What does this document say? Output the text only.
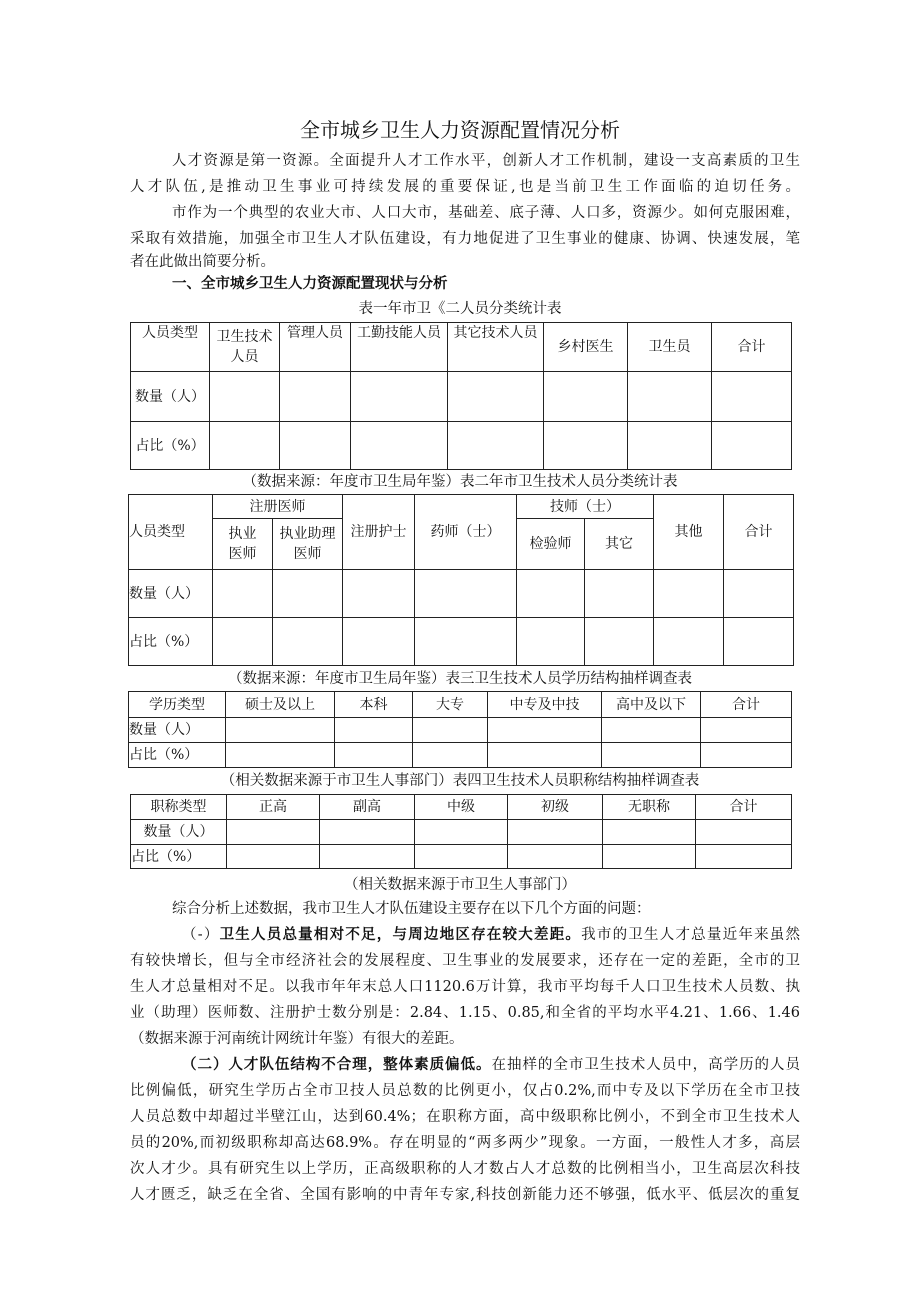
全市城乡卫生人力资源配置情况分析
人才资源是第一资源。全面提升人才工作水平，创新人才工作机制，建设一支高素质的卫生
人才队伍,是推动卫生事业可持续发展的重要保证,也是当前卫生工作面临的迫切任务。
市作为一个典型的农业大市、人口大市，基础差、底子薄、人口多，资源少。如何克服困难，
采取有效措施，加强全市卫生人才队伍建设，有力地促进了卫生事业的健康、协调、快速发展，笔
者在此做出简要分析。
一、全市城乡卫生人力资源配置现状与分析
表一年市卫《二人员分类统计表
人员类型	卫生技术人员	管理人员	工勤技能人员	其它技术人员	乡村医生	卫生员	合计
数量（人）							
占比（%）							
（数据来源：年度市卫生局年鉴）表二年市卫生技术人员分类统计表
人员类型	注册医师		注册护士	药师（士）	技师（士）		其他	合计
	执业医师	执业助理医师			检验师	其它		
数量（人）								
占比（%）								
（数据来源：年度市卫生局年鉴）表三卫生技术人员学历结构抽样调查表
学历类型	硕士及以上	本科	大专	中专及中技	高中及以下	合计
数量（人）						
占比（%）						
（相关数据来源于市卫生人事部门）表四卫生技术人员职称结构抽样调查表
职称类型	正高	副高	中级	初级	无职称	合计
数量（人）						
占比（%）						
（相关数据来源于市卫生人事部门）
综合分析上述数据，我市卫生人才队伍建设主要存在以下几个方面的问题：
（-）卫生人员总量相对不足，与周边地区存在较大差距。我市的卫生人才总量近年来虽然
有较快增长，但与全市经济社会的发展程度、卫生事业的发展要求，还存在一定的差距，全市的卫
生人才总量相对不足。以我市年年末总人口1120.6万计算，我市平均每千人口卫生技术人员数、执
业（助理）医师数、注册护士数分别是：2.84、1.15、0.85,和全省的平均水平4.21、1.66、1.46
（数据来源于河南统计网统计年鉴）有很大的差距。
（二）人才队伍结构不合理，整体素质偏低。在抽样的全市卫生技术人员中，高学历的人员
比例偏低，研究生学历占全市卫技人员总数的比例更小，仅占0.2%,而中专及以下学历在全市卫技
人员总数中却超过半壁江山，达到60.4%；在职称方面，高中级职称比例小，不到全市卫生技术人
员的20%,而初级职称却高达68.9%。存在明显的“两多两少”现象。一方面，一般性人才多，高层
次人才少。具有研究生以上学历，正高级职称的人才数占人才总数的比例相当小，卫生高层次科技
人才匮乏，缺乏在全省、全国有影响的中青年专家,科技创新能力还不够强，低水平、低层次的重复
